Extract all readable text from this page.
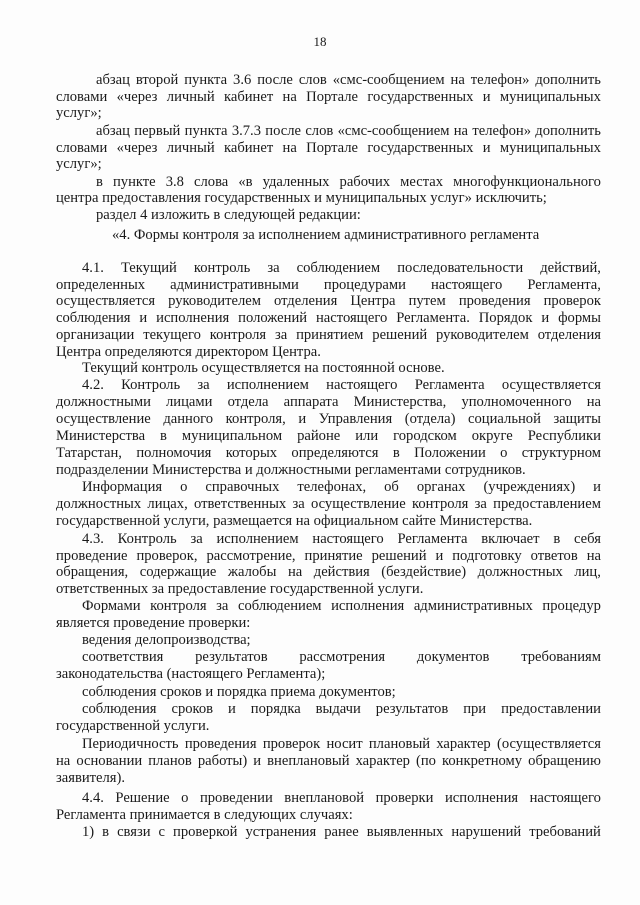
18
абзац второй пункта 3.6 после слов «смс-сообщением на телефон» дополнить
словами «через личный кабинет на Портале государственных и муниципальных
услуг»;
абзац первый пункта 3.7.3 после слов «смс-сообщением на телефон» дополнить
словами «через личный кабинет на Портале государственных и муниципальных
услуг»;
в пункте 3.8 слова «в удаленных рабочих местах многофункционального
центра предоставления государственных и муниципальных услуг» исключить;
раздел 4 изложить в следующей редакции:
«4. Формы контроля за исполнением административного регламента
4.1. Текущий контроль за соблюдением последовательности действий,
определенных административными процедурами настоящего Регламента,
осуществляется руководителем отделения Центра путем проведения проверок
соблюдения и исполнения положений настоящего Регламента. Порядок и формы
организации текущего контроля за принятием решений руководителем отделения
Центра определяются директором Центра.
Текущий контроль осуществляется на постоянной основе.
4.2. Контроль за исполнением настоящего Регламента осуществляется
должностными лицами отдела аппарата Министерства, уполномоченного на
осуществление данного контроля, и Управления (отдела) социальной защиты
Министерства в муниципальном районе или городском округе Республики
Татарстан, полномочия которых определяются в Положении о структурном
подразделении Министерства и должностными регламентами сотрудников.
Информация о справочных телефонах, об органах (учреждениях) и
должностных лицах, ответственных за осуществление контроля за предоставлением
государственной услуги, размещается на официальном сайте Министерства.
4.3. Контроль за исполнением настоящего Регламента включает в себя
проведение проверок, рассмотрение, принятие решений и подготовку ответов на
обращения, содержащие жалобы на действия (бездействие) должностных лиц,
ответственных за предоставление государственной услуги.
Формами контроля за соблюдением исполнения административных процедур
является проведение проверки:
ведения делопроизводства;
соответствия результатов рассмотрения документов требованиям
законодательства (настоящего Регламента);
соблюдения сроков и порядка приема документов;
соблюдения сроков и порядка выдачи результатов при предоставлении
государственной услуги.
Периодичность проведения проверок носит плановый характер (осуществляется
на основании планов работы) и внеплановый характер (по конкретному обращению
заявителя).
4.4. Решение о проведении внеплановой проверки исполнения настоящего
Регламента принимается в следующих случаях:
1) в связи с проверкой устранения ранее выявленных нарушений требований
